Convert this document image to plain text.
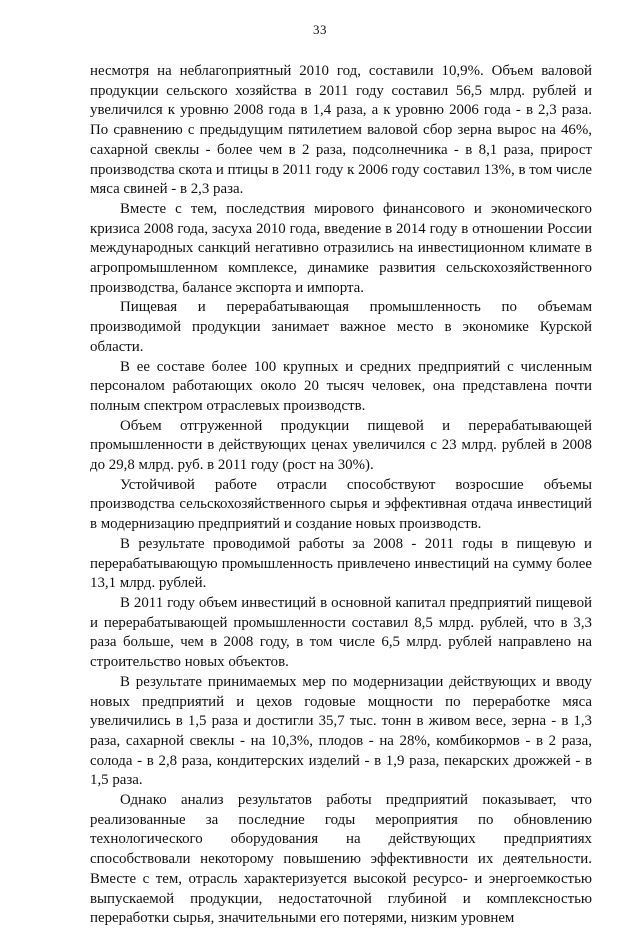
33

несмотря на неблагоприятный 2010 год, составили 10,9%. Объем валовой продукции сельского хозяйства в 2011 году составил 56,5 млрд. рублей и увеличился к уровню 2008 года в 1,4 раза, а к уровню 2006 года - в 2,3 раза. По сравнению с предыдущим пятилетием валовой сбор зерна вырос на 46%, сахарной свеклы - более чем в 2 раза, подсолнечника - в 8,1 раза, прирост производства скота и птицы в 2011 году к 2006 году составил 13%, в том числе мяса свиней - в 2,3 раза.

Вместе с тем, последствия мирового финансового и экономического кризиса 2008 года, засуха 2010 года, введение в 2014 году в отношении России международных санкций негативно отразились на инвестиционном климате в агропромышленном комплексе, динамике развития сельскохозяйственного производства, балансе экспорта и импорта.

Пищевая и перерабатывающая промышленность по объемам производимой продукции занимает важное место в экономике Курской области.

В ее составе более 100 крупных и средних предприятий с численным персоналом работающих около 20 тысяч человек, она представлена почти полным спектром отраслевых производств.

Объем отгруженной продукции пищевой и перерабатывающей промышленности в действующих ценах увеличился с 23 млрд. рублей в 2008 до 29,8 млрд. руб. в 2011 году (рост на 30%).

Устойчивой работе отрасли способствуют возросшие объемы производства сельскохозяйственного сырья и эффективная отдача инвестиций в модернизацию предприятий и создание новых производств.

В результате проводимой работы за 2008 - 2011 годы в пищевую и перерабатывающую промышленность привлечено инвестиций на сумму более 13,1 млрд. рублей.

В 2011 году объем инвестиций в основной капитал предприятий пищевой и перерабатывающей промышленности составил 8,5 млрд. рублей, что в 3,3 раза больше, чем в 2008 году, в том числе 6,5 млрд. рублей направлено на строительство новых объектов.

В результате принимаемых мер по модернизации действующих и вводу новых предприятий и цехов годовые мощности по переработке мяса увеличились в 1,5 раза и достигли 35,7 тыс. тонн в живом весе, зерна - в 1,3 раза, сахарной свеклы - на 10,3%, плодов - на 28%, комбикормов - в 2 раза, солода - в 2,8 раза, кондитерских изделий - в 1,9 раза, пекарских дрожжей - в 1,5 раза.

Однако анализ результатов работы предприятий показывает, что реализованные за последние годы мероприятия по обновлению технологического оборудования на действующих предприятиях способствовали некоторому повышению эффективности их деятельности. Вместе с тем, отрасль характеризуется высокой ресурсо- и энергоемкостью выпускаемой продукции, недостаточной глубиной и комплексностью переработки сырья, значительными его потерями, низким уровнем
